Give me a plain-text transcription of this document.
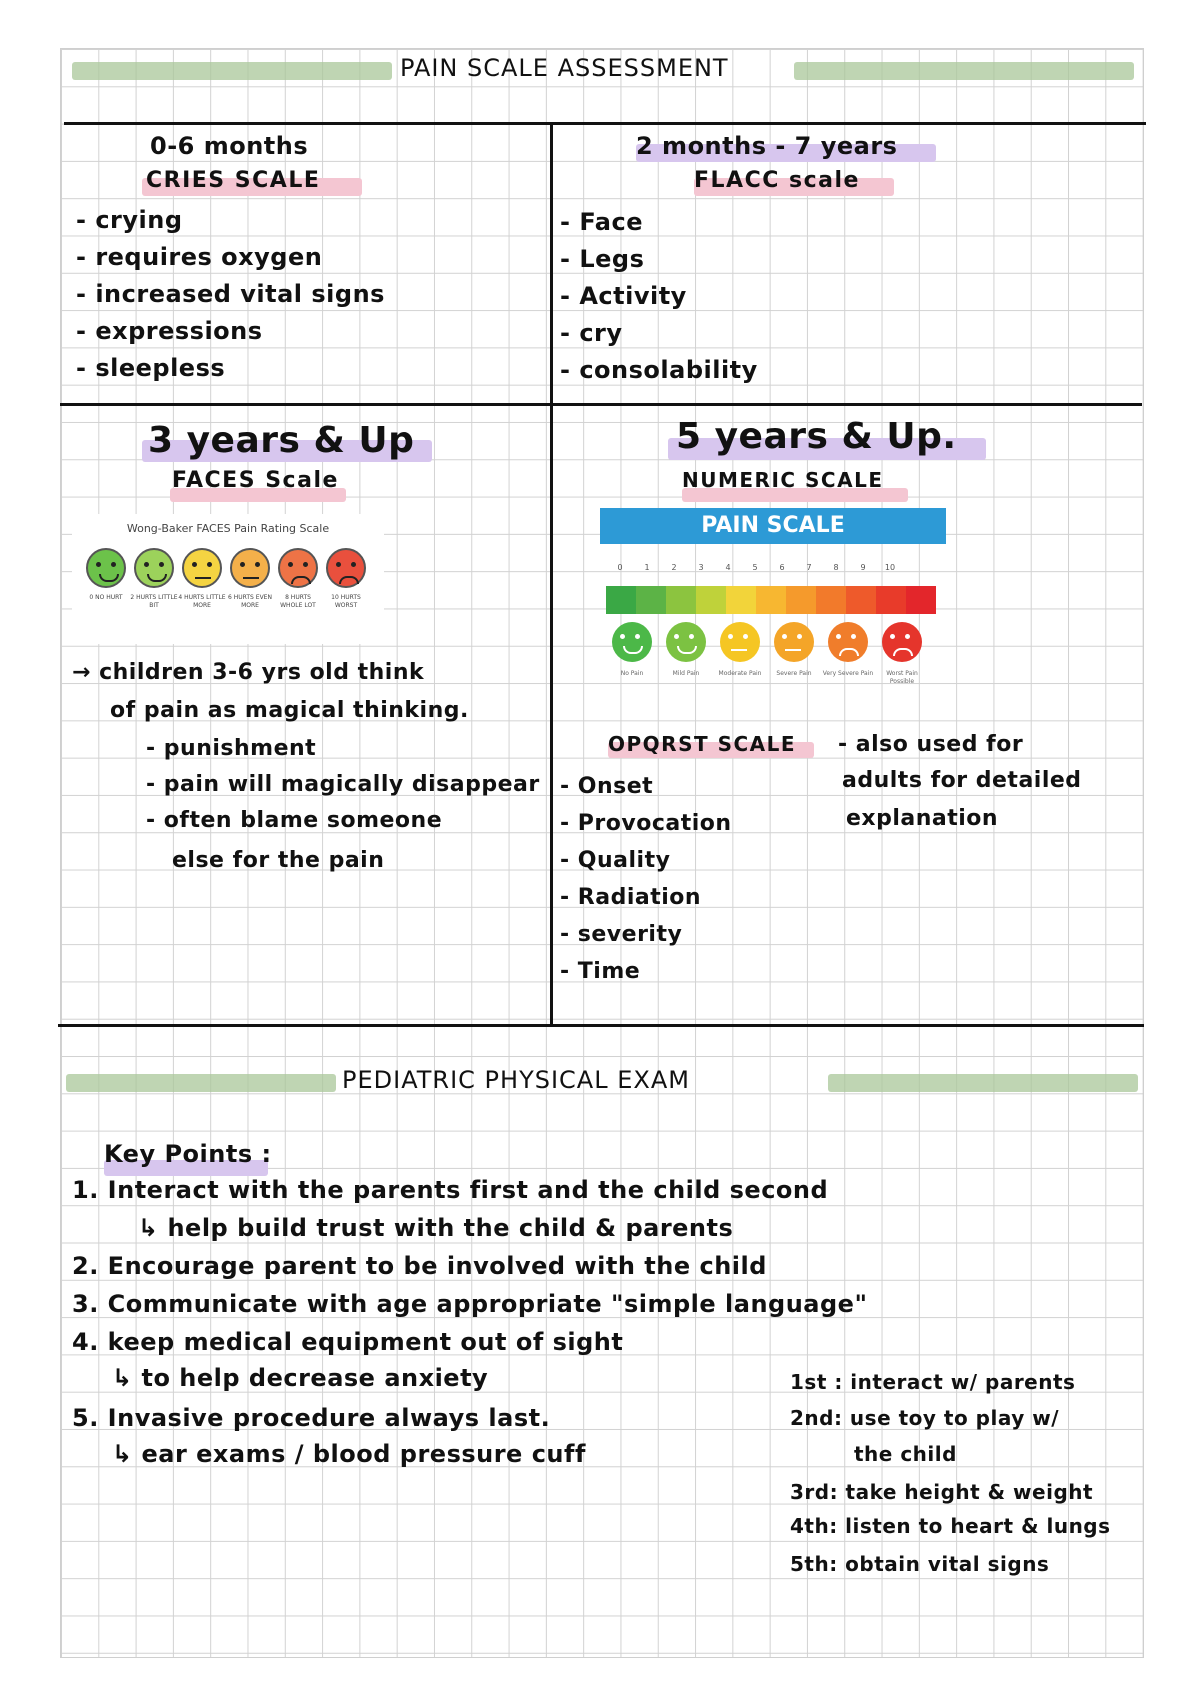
PAIN SCALE ASSESSMENT
0-6 months
CRIES SCALE
- crying
- requires oxygen
- increased vital signs
- expressions
- sleepless
2 months - 7 years
FLACC scale
- Face
- Legs
- Activity
- cry
- consolability
3 years & Up
FACES Scale
Wong-Baker FACES Pain Rating Scale
0 NO HURT	2 HURTS LITTLE BIT
4 HURTS LITTLE MORE
6 HURTS EVEN MORE
8 HURTS WHOLE LOT
10 HURTS WORST
→ children 3-6 yrs old think
of pain as magical thinking.
- punishment
- pain will magically disappear
- often blame someone
else for the pain
5 years & Up.
NUMERIC SCALE
PAIN SCALE
0	1	2	3	4	5	6	7	8	9	10
No Pain	Mild Pain	Moderate Pain	Severe Pain	Very Severe Pain	Worst Pain Possible
OPQRST SCALE - also used for
adults for detailed
explanation
- Onset
- Provocation
- Quality
- Radiation
- severity
- Time
PEDIATRIC PHYSICAL EXAM
Key Points :
1. Interact with the parents first and the child second
↳ help build trust with the child & parents
2. Encourage parent to be involved with the child
3. Communicate with age appropriate "simple language"
4. keep medical equipment out of sight
↳ to help decrease anxiety
5. Invasive procedure always last.
↳ ear exams / blood pressure cuff
1st : interact w/ parents
2nd: use toy to play w/
the child
3rd: take height & weight
4th: listen to heart & lungs
5th: obtain vital signs
